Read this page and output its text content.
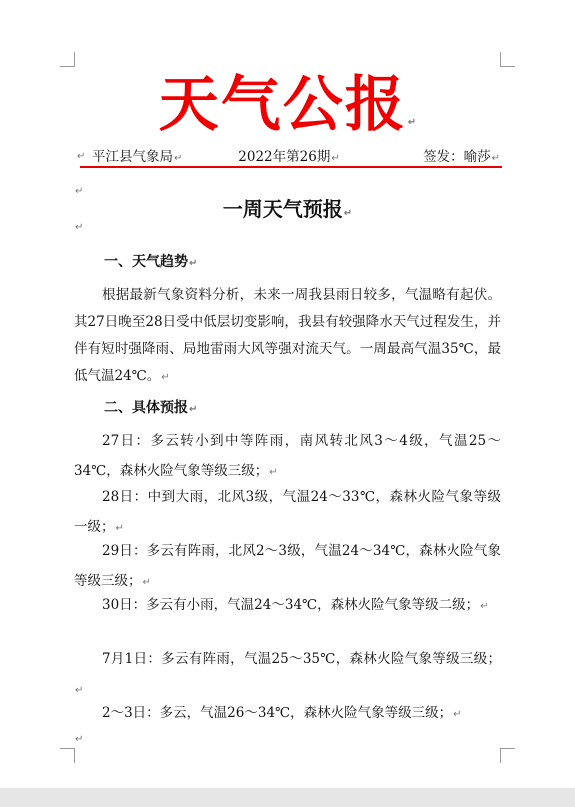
天气公报↵
↵ 平江县气象局↵	2022年第26期↵	签发：喻莎↵
↵
一周天气预报↵
↵
一、天气趋势↵
根据最新气象资料分析，未来一周我县雨日较多，气温略有起伏。其27日晚至28日受中低层切变影响，我县有较强降水天气过程发生，并伴有短时强降雨、局地雷雨大风等强对流天气。一周最高气温35℃，最低气温24℃。↵
二、具体预报↵
27日：多云转小到中等阵雨，南风转北风3～4级，气温25～34℃，森林火险气象等级三级；↵
28日：中到大雨，北风3级，气温24～33℃，森林火险气象等级一级；↵
29日：多云有阵雨，北风2～3级，气温24～34℃，森林火险气象等级三级；↵
30日：多云有小雨，气温24～34℃，森林火险气象等级二级；↵
7月1日：多云有阵雨，气温25～35℃，森林火险气象等级三级；↵
2～3日：多云，气温26～34℃，森林火险气象等级三级；↵
↵
